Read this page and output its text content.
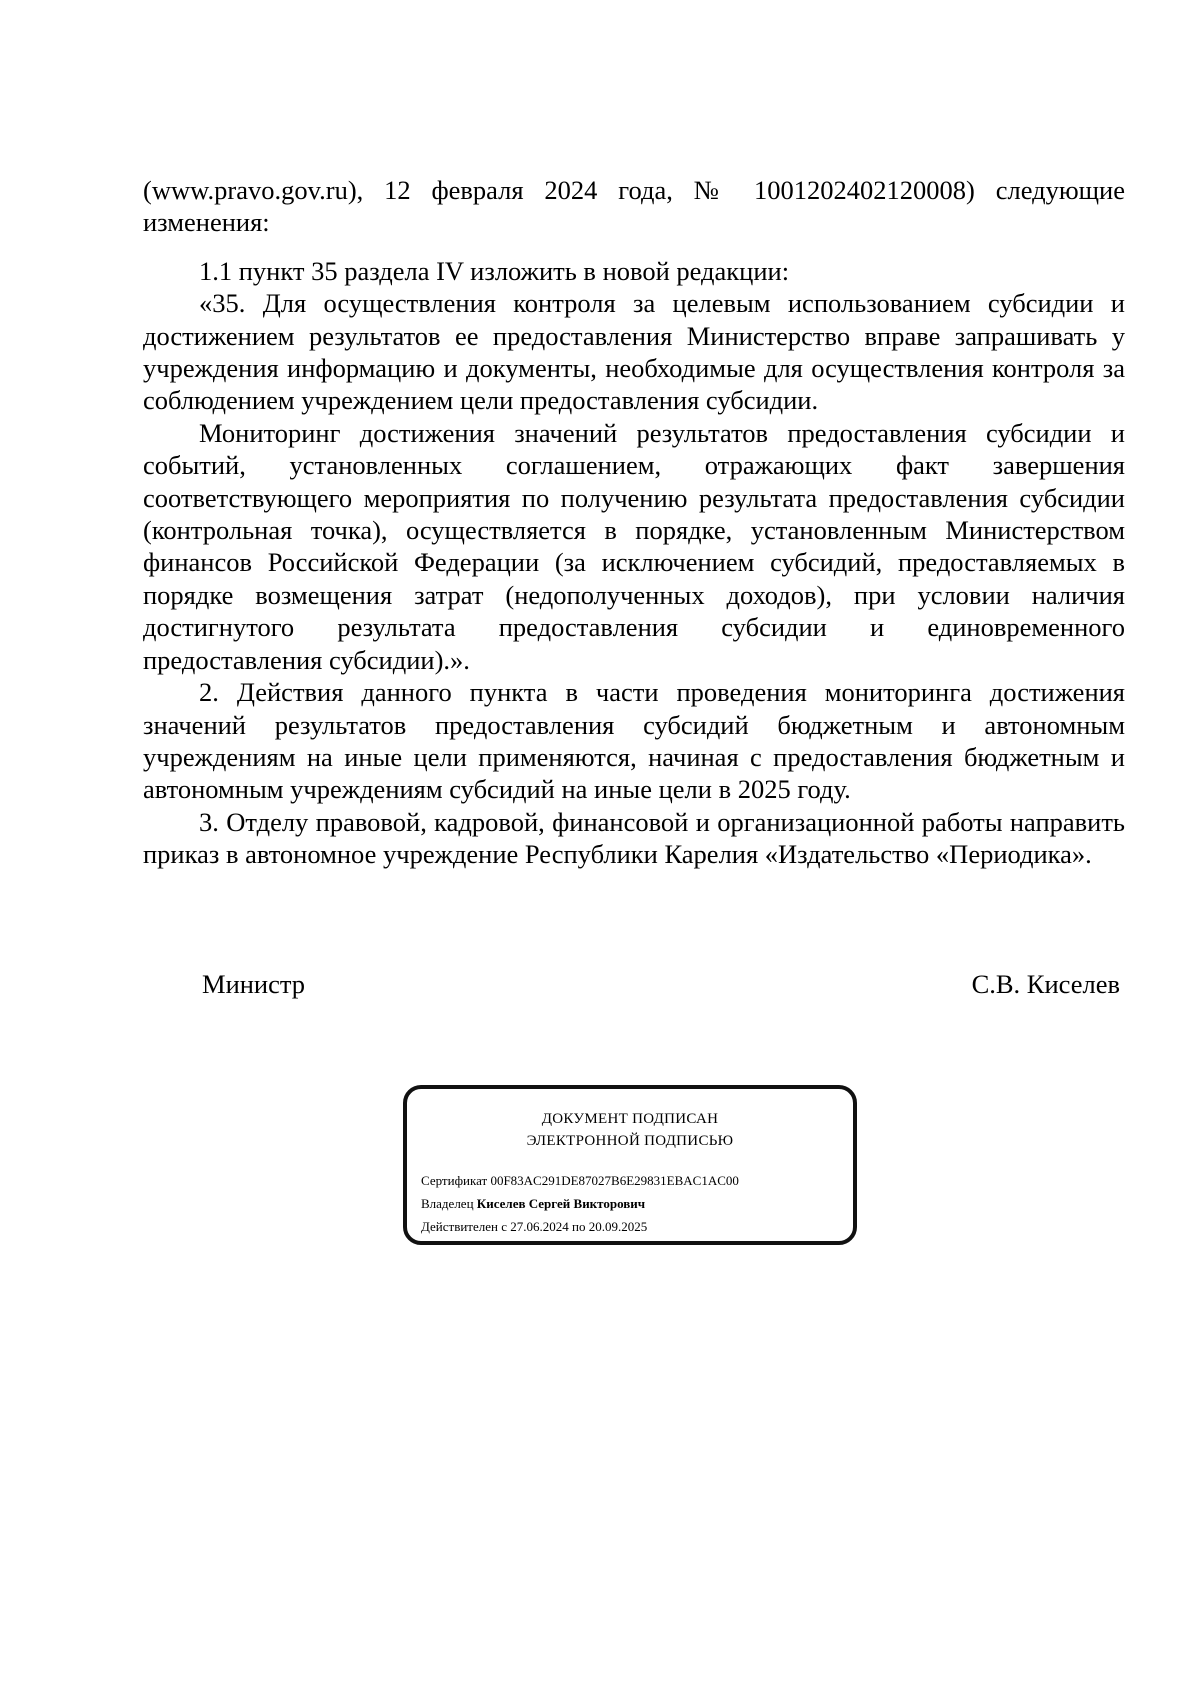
(www.pravo.gov.ru), 12 февраля 2024 года, № 1001202402120008) следующие изменения:

1.1 пункт 35 раздела IV изложить в новой редакции:

«35. Для осуществления контроля за целевым использованием субсидии и достижением результатов ее предоставления Министерство вправе запрашивать у учреждения информацию и документы, необходимые для осуществления контроля за соблюдением учреждением цели предоставления субсидии.

Мониторинг достижения значений результатов предоставления субсидии и событий, установленных соглашением, отражающих факт завершения соответствующего мероприятия по получению результата предоставления субсидии (контрольная точка), осуществляется в порядке, установленным Министерством финансов Российской Федерации (за исключением субсидий, предоставляемых в порядке возмещения затрат (недополученных доходов), при условии наличия достигнутого результата предоставления субсидии и единовременного предоставления субсидии).».

2. Действия данного пункта в части проведения мониторинга достижения значений результатов предоставления субсидий бюджетным и автономным учреждениям на иные цели применяются, начиная с предоставления бюджетным и автономным учреждениям субсидий на иные цели в 2025 году.

3. Отделу правовой, кадровой, финансовой и организационной работы направить приказ в автономное учреждение Республики Карелия «Издательство «Периодика».

Министр	С.В. Киселев
ДОКУМЕНТ ПОДПИСАН
ЭЛЕКТРОННОЙ ПОДПИСЬЮ
Сертификат 00F83AC291DE87027B6E29831EBAC1AC00
Владелец Киселев Сергей Викторович
Действителен с 27.06.2024 по 20.09.2025
